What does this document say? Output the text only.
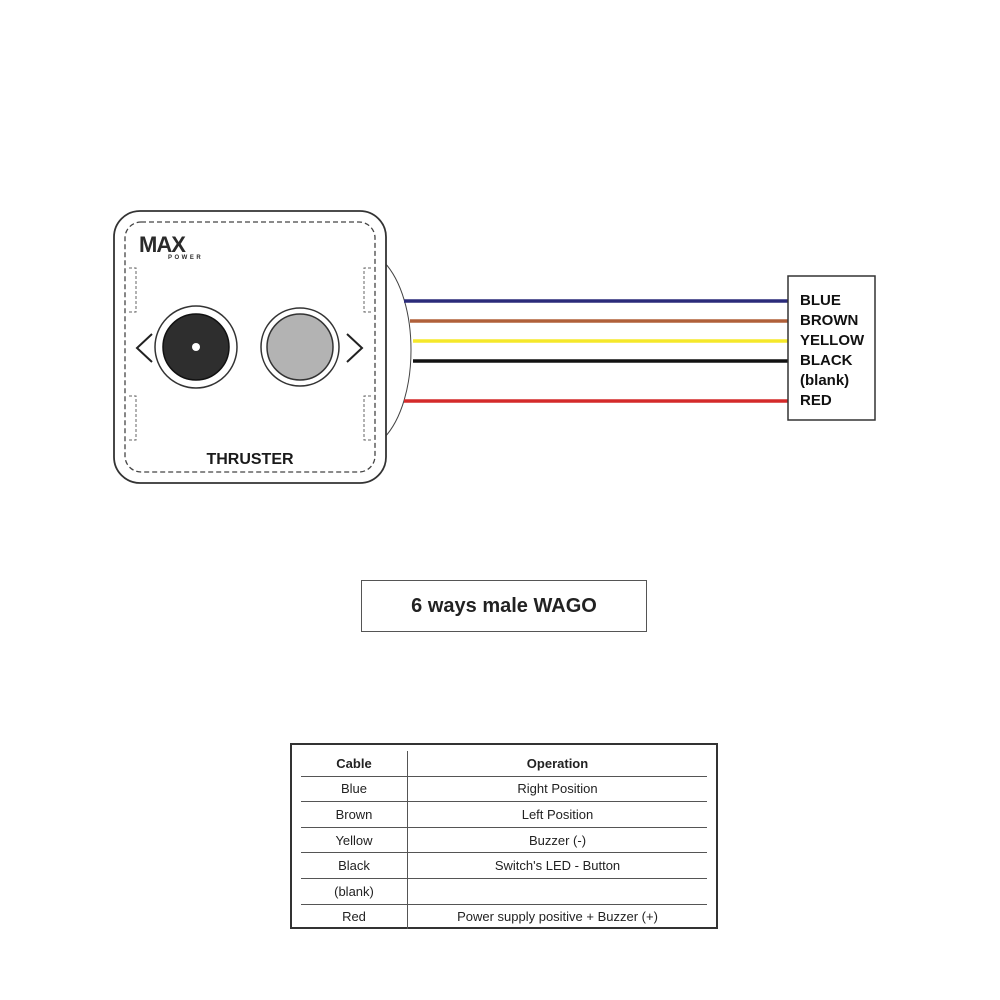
MAX
POWER
THRUSTER
BLUE
BROWN
YELLOW
BLACK
(blank)
RED
6 ways male WAGO
Cable	Operation
Blue	Right Position
Brown	Left Position
Yellow	Buzzer (-)
Black	Switch's LED - Button
(blank)	
Red	Power supply positive + Buzzer (+)
